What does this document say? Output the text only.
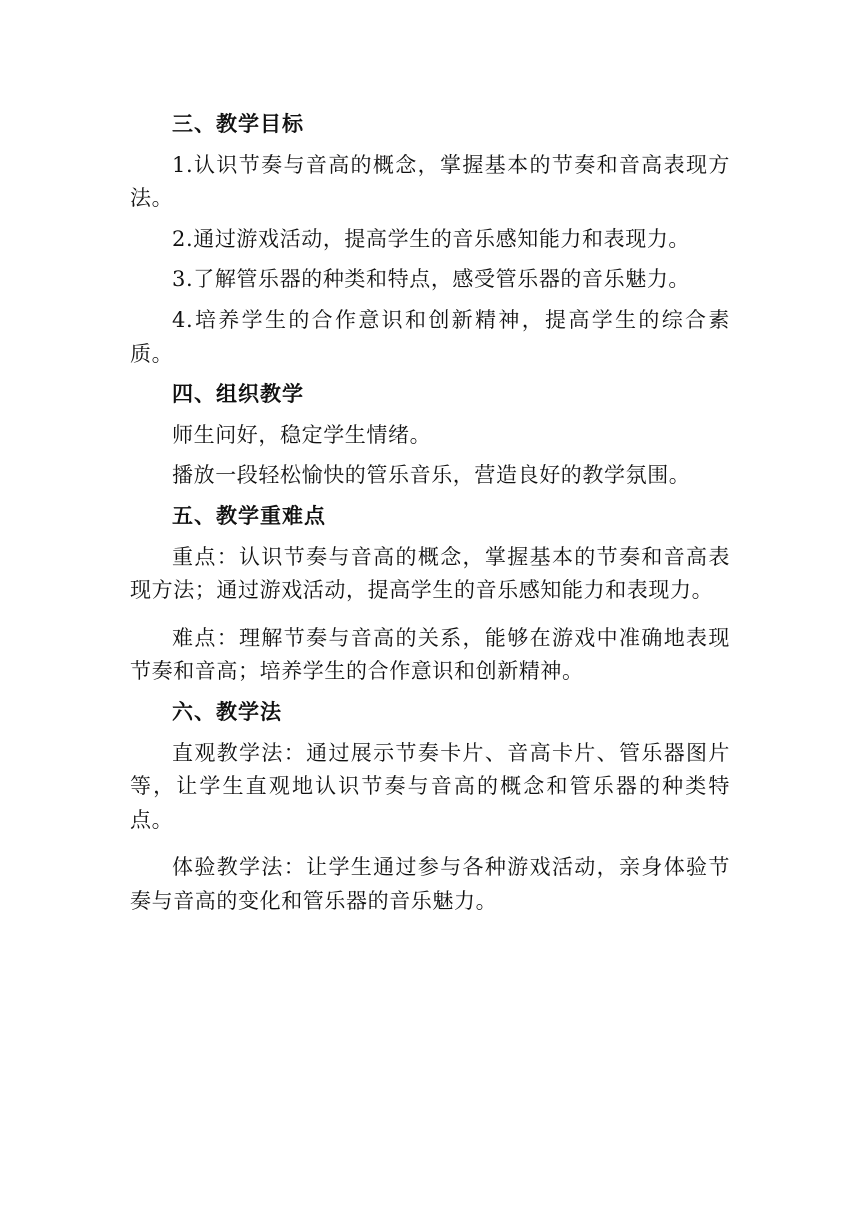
三、教学目标

1.认识节奏与音高的概念，掌握基本的节奏和音高表现方法。

2.通过游戏活动，提高学生的音乐感知能力和表现力。

3.了解管乐器的种类和特点，感受管乐器的音乐魅力。

4.培养学生的合作意识和创新精神，提高学生的综合素质。

四、组织教学

师生问好，稳定学生情绪。

播放一段轻松愉快的管乐音乐，营造良好的教学氛围。

五、教学重难点

重点：认识节奏与音高的概念，掌握基本的节奏和音高表现方法；通过游戏活动，提高学生的音乐感知能力和表现力。

难点：理解节奏与音高的关系，能够在游戏中准确地表现节奏和音高；培养学生的合作意识和创新精神。

六、教学法

直观教学法：通过展示节奏卡片、音高卡片、管乐器图片等，让学生直观地认识节奏与音高的概念和管乐器的种类特点。

体验教学法：让学生通过参与各种游戏活动，亲身体验节奏与音高的变化和管乐器的音乐魅力。
